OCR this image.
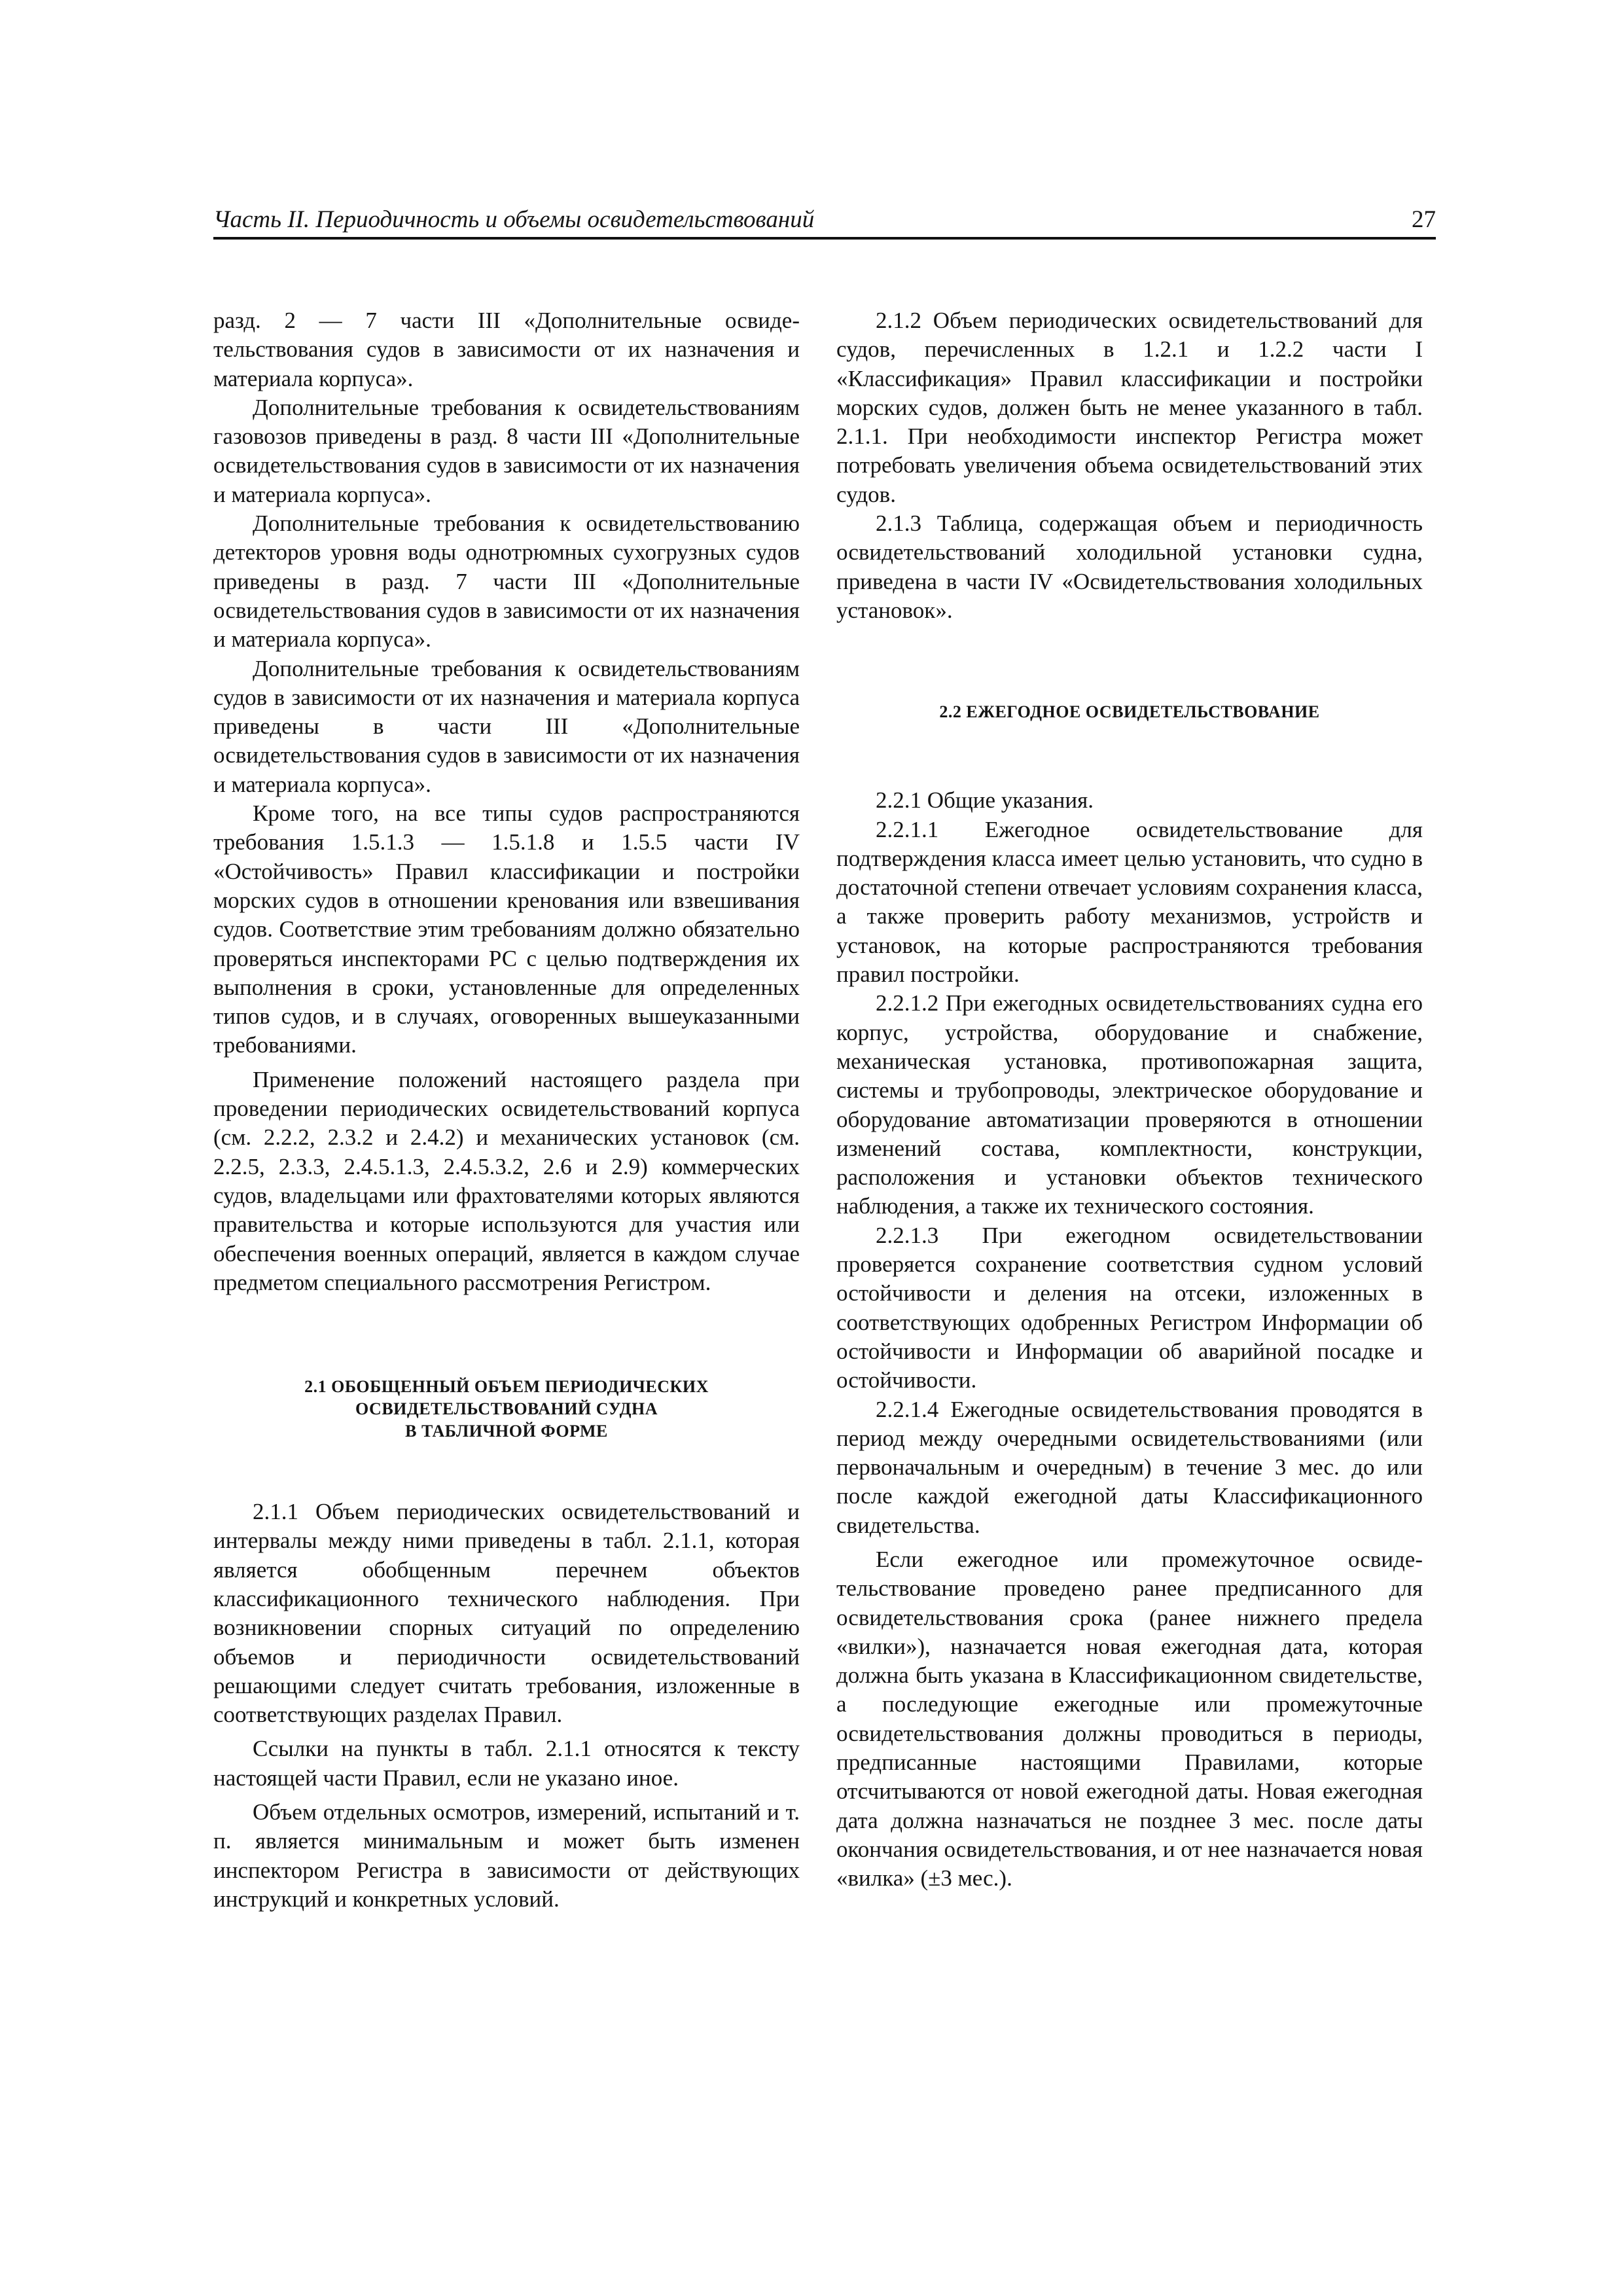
Часть II. Периодичность и объемы освидетельствований	27

разд. 2 — 7 части III «Дополнительные освидетельствования судов в зависимости от их назначения и материала корпуса».

Дополнительные требования к освидетельствованиям газовозов приведены в разд. 8 части III «Дополнительные освидетельствования судов в зависимости от их назначения и материала корпуса».

Дополнительные требования к освидетельствованию детекторов уровня воды однотрюмных сухогрузных судов приведены в разд. 7 части III «Дополнительные освидетельствования судов в зависимости от их назначения и материала корпуса».

Дополнительные требования к освидетельствованиям судов в зависимости от их назначения и материала корпуса приведены в части III «Дополнительные освидетельствования судов в зависимости от их назначения и материала корпуса».

Кроме того, на все типы судов распространяются требования 1.5.1.3 — 1.5.1.8 и 1.5.5 части IV «Остойчивость» Правил классификации и постройки морских судов в отношении кренования или взвешивания судов. Соответствие этим требованиям должно обязательно проверяться инспекторами РС с целью подтверждения их выполнения в сроки, установленные для определенных типов судов, и в случаях, оговоренных вышеуказанными требованиями.

Применение положений настоящего раздела при проведении периодических освидетельствований корпуса (см. 2.2.2, 2.3.2 и 2.4.2) и механических установок (см. 2.2.5, 2.3.3, 2.4.5.1.3, 2.4.5.3.2, 2.6 и 2.9) коммерческих судов, владельцами или фрахтователями которых являются правительства и которые используются для участия или обеспечения военных операций, является в каждом случае предметом специального рассмотрения Регистром.

2.1 ОБОБЩЕННЫЙ ОБЪЕМ ПЕРИОДИЧЕСКИХ
ОСВИДЕТЕЛЬСТВОВАНИЙ СУДНА
В ТАБЛИЧНОЙ ФОРМЕ

2.1.1 Объем периодических освидетельствований и интервалы между ними приведены в табл. 2.1.1, которая является обобщенным перечнем объектов классификационного технического наблюдения. При возникновении спорных ситуаций по определению объемов и периодичности освидетельствований решающими следует считать требования, изложенные в соответствующих разделах Правил.

Ссылки на пункты в табл. 2.1.1 относятся к тексту настоящей части Правил, если не указано иное.

Объем отдельных осмотров, измерений, испытаний и т. п. является минимальным и может быть изменен инспектором Регистра в зависимости от действующих инструкций и конкретных условий.

2.1.2 Объем периодических освидетельствований для судов, перечисленных в 1.2.1 и 1.2.2 части I «Классификация» Правил классификации и постройки морских судов, должен быть не менее указанного в табл. 2.1.1. При необходимости инспектор Регистра может потребовать увеличения объема освидетельствований этих судов.

2.1.3 Таблица, содержащая объем и периодичность освидетельствований холодильной установки судна, приведена в части IV «Освидетельствования холодильных установок».

2.2 ЕЖЕГОДНОЕ ОСВИДЕТЕЛЬСТВОВАНИЕ

2.2.1 Общие указания.

2.2.1.1 Ежегодное освидетельствование для подтверждения класса имеет целью установить, что судно в достаточной степени отвечает условиям сохранения класса, а также проверить работу механизмов, устройств и установок, на которые распространяются требования правил постройки.

2.2.1.2 При ежегодных освидетельствованиях судна его корпус, устройства, оборудование и снабжение, механическая установка, противопожарная защита, системы и трубопроводы, электрическое оборудование и оборудование автоматизации проверяются в отношении изменений состава, комплектности, конструкции, расположения и установки объектов технического наблюдения, а также их технического состояния.

2.2.1.3 При ежегодном освидетельствовании проверяется сохранение соответствия судном условий остойчивости и деления на отсеки, изложенных в соответствующих одобренных Регистром Информации об остойчивости и Информации об аварийной посадке и остойчивости.

2.2.1.4 Ежегодные освидетельствования проводятся в период между очередными освидетельствованиями (или первоначальным и очередным) в течение 3 мес. до или после каждой ежегодной даты Классификационного свидетельства.

Если ежегодное или промежуточное освидетельствование проведено ранее предписанного для освидетельствования срока (ранее нижнего предела «вилки»), назначается новая ежегодная дата, которая должна быть указана в Классификационном свидетельстве, а последующие ежегодные или промежуточные освидетельствования должны проводиться в периоды, предписанные настоящими Правилами, которые отсчитываются от новой ежегодной даты. Новая ежегодная дата должна назначаться не позднее 3 мес. после даты окончания освидетельствования, и от нее назначается новая «вилка» (±3 мес.).
